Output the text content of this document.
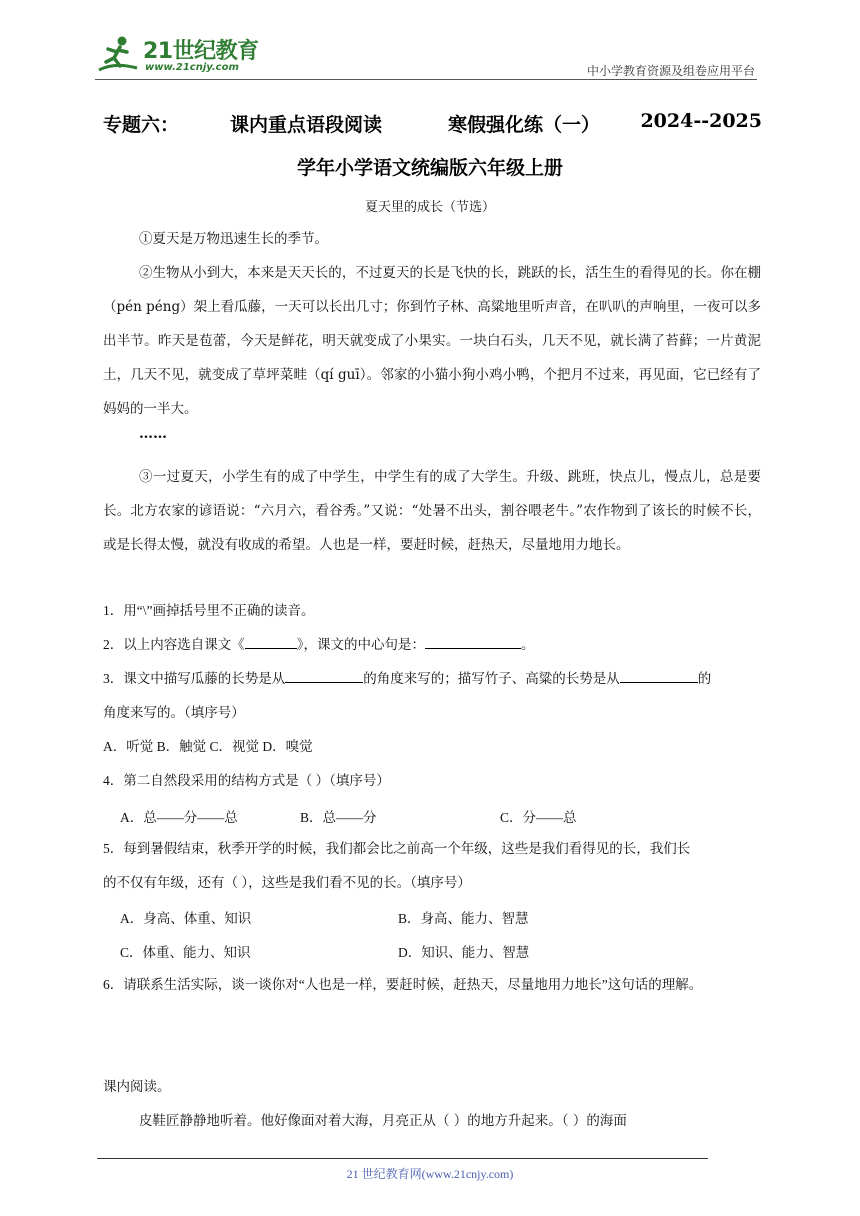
21世纪教育
www.21cnjy.com	中小学教育资源及组卷应用平台
专题六：	课内重点语段阅读	寒假强化练（一） 2024--2025
学年小学语文统编版六年级上册
夏天里的成长（节选）
①夏天是万物迅速生长的季节。
②生物从小到大，本来是天天长的，不过夏天的长是飞快的长，跳跃的长，活生生的看得见的长。你在棚（pén péng）架上看瓜藤，一天可以长出几寸；你到竹子林、高粱地里听声音，在叭叭的声响里，一夜可以多出半节。昨天是苞蕾，今天是鲜花，明天就变成了小果实。一块白石头，几天不见，就长满了苔藓；一片黄泥土，几天不见，就变成了草坪菜畦（qí guī）。邻家的小猫小狗小鸡小鸭，个把月不过来，再见面，它已经有了妈妈的一半大。
……
③一过夏天，小学生有的成了中学生，中学生有的成了大学生。升级、跳班，快点儿，慢点儿，总是要长。北方农家的谚语说：“六月六，看谷秀。”又说：“处暑不出头，割谷喂老牛。”农作物到了该长的时候不长，或是长得太慢，就没有收成的希望。人也是一样，要赶时候，赶热天，尽量地用力地长。
1．用“\”画掉括号里不正确的读音。
2．以上内容选自课文《	》，课文的中心句是：	。
3．课文中描写瓜藤的长势是从	的角度来写的；描写竹子、高粱的长势是从	的
角度来写的。（填序号）
A．听觉 B．触觉 C．视觉 D．嗅觉
4．第二自然段采用的结构方式是（ ）（填序号）
A．总——分——总	B．总——分	C．分——总
5．每到暑假结束，秋季开学的时候，我们都会比之前高一个年级，这些是我们看得见的长，我们长
的不仅有年级，还有（ ），这些是我们看不见的长。（填序号）
A．身高、体重、知识	B．身高、能力、智慧
C．体重、能力、知识	D．知识、能力、智慧
6．请联系生活实际，谈一谈你对“人也是一样，要赶时候，赶热天，尽量地用力地长”这句话的理解。
课内阅读。
皮鞋匠静静地听着。他好像面对着大海，月亮正从（ ）的地方升起来。（ ）的海面
21 世纪教育网(www.21cnjy.com)
